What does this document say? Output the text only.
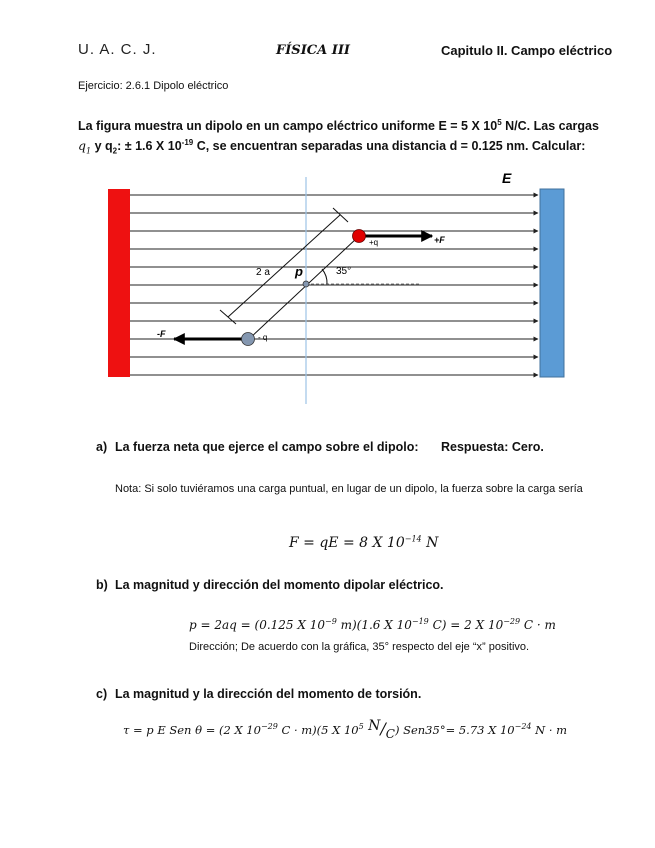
U. A. C. J.	FÍSICA III	Capitulo II. Campo eléctrico
Ejercicio: 2.6.1 Dipolo eléctrico
La figura muestra un dipolo en un campo eléctrico uniforme E = 5 X $10^5$ N/C. Las cargas
$q_1$ y $q_2$: ± 1.6 X $10^{-19}$ C, se encuentran separadas una distancia d = 0.125 nm. Calcular:
E
+q	+F
- q
-F
2 a p	35°
a) La fuerza neta que ejerce el campo sobre el dipolo: Respuesta: Cero.
Nota: Si solo tuviéramos una carga puntual, en lugar de un dipolo, la fuerza sobre la carga sería
F = qE = 8 X $10^{-14}$ N
b) La magnitud y dirección del momento dipolar eléctrico.
p = 2aq = (0.125 X $10^{-9}$ m)(1.6 X $10^{-19}$ C) = 2 X $10^{-29}$ C · m
Dirección; De acuerdo con la gráfica, 35° respecto del eje “x” positivo.
c) La magnitud y la dirección del momento de torsión.
τ = p E Sen θ = (2 X $10^{-29}$ C · m)(5 X $10^5$ N/C) Sen35°= 5.73 X $10^{-24}$ N · m
